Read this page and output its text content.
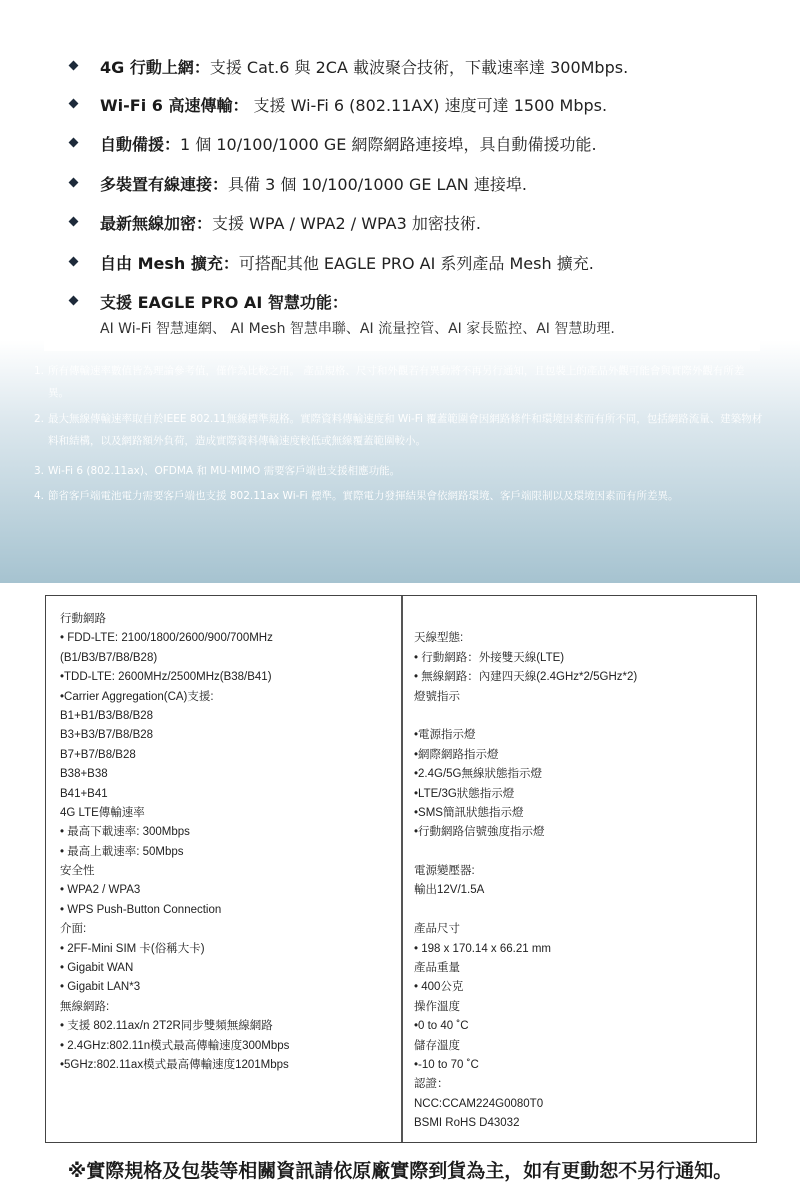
4G 行動上網：支援 Cat.6 與 2CA 載波聚合技術，下載速率達 300Mbps.
Wi-Fi 6 高速傳輸： 支援 Wi-Fi 6 (802.11AX) 速度可達 1500 Mbps.
自動備援：1 個 10/100/1000 GE 網際網路連接埠，具自動備援功能.
多裝置有線連接：具備 3 個 10/100/1000 GE LAN 連接埠.
最新無線加密：支援 WPA / WPA2 / WPA3 加密技術.
自由 Mesh 擴充：可搭配其他 EAGLE PRO AI 系列產品 Mesh 擴充.
支援 EAGLE PRO AI 智慧功能：
AI Wi-Fi 智慧連網、 AI Mesh 智慧串聯、AI 流量控管、AI 家長監控、AI 智慧助理.
1. 所有傳輸速率數值皆為理論參考值，僅作為比較之用。 產品規格、尺寸和外觀若有異動將不再另行通知，且包裝上的產品外觀可能會與實際外觀有所差異。
2. 最大無線傳輸速率取自於IEEE 802.11無線標準規格。實際資料傳輸速度和 Wi-Fi 覆蓋範圍會因網路條件和環境因素而有所不同，包括網路流量、建築物材料和結構，以及網路額外負荷，造成實際資料傳輸速度較低或無線覆蓋範圍較小。
3. Wi-Fi 6 (802.11ax)、OFDMA 和 MU-MIMO 需要客戶端也支援相應功能。
4. 節省客戶端電池電力需要客戶端也支援 802.11ax Wi-Fi 標準。實際電力發揮結果會依網路環境、客戶端限制以及環境因素而有所差異。
行動網路
• FDD-LTE: 2100/1800/2600/900/700MHz
(B1/B3/B7/B8/B28)
•TDD-LTE: 2600MHz/2500MHz(B38/B41)
•Carrier Aggregation(CA)支援:
B1+B1/B3/B8/B28
B3+B3/B7/B8/B28
B7+B7/B8/B28
B38+B38
B41+B41
4G LTE傳輸速率
• 最高下載速率: 300Mbps
• 最高上載速率: 50Mbps
安全性
• WPA2 / WPA3
• WPS Push-Button Connection
介面:
• 2FF-Mini SIM 卡(俗稱大卡)
• Gigabit WAN
• Gigabit LAN*3
無線網路:
• 支援 802.11ax/n 2T2R同步雙頻無線網路
• 2.4GHz:802.11n模式最高傳輸速度300Mbps
•5GHz:802.11ax模式最高傳輸速度1201Mbps
天線型態:
• 行動網路：外接雙天線(LTE)
• 無線網路：內建四天線(2.4GHz*2/5GHz*2)
燈號指示
•電源指示燈
•網際網路指示燈
•2.4G/5G無線狀態指示燈
•LTE/3G狀態指示燈
•SMS簡訊狀態指示燈
•行動網路信號強度指示燈
電源變壓器:
輸出12V/1.5A
產品尺寸
• 198 x 170.14 x 66.21 mm
產品重量
• 400公克
操作溫度
•0 to 40 ˚C
儲存溫度
•-10 to 70 ˚C
認證：
NCC:CCAM224G0080T0
BSMI RoHS D43032
※實際規格及包裝等相關資訊請依原廠實際到貨為主，如有更動恕不另行通知。
